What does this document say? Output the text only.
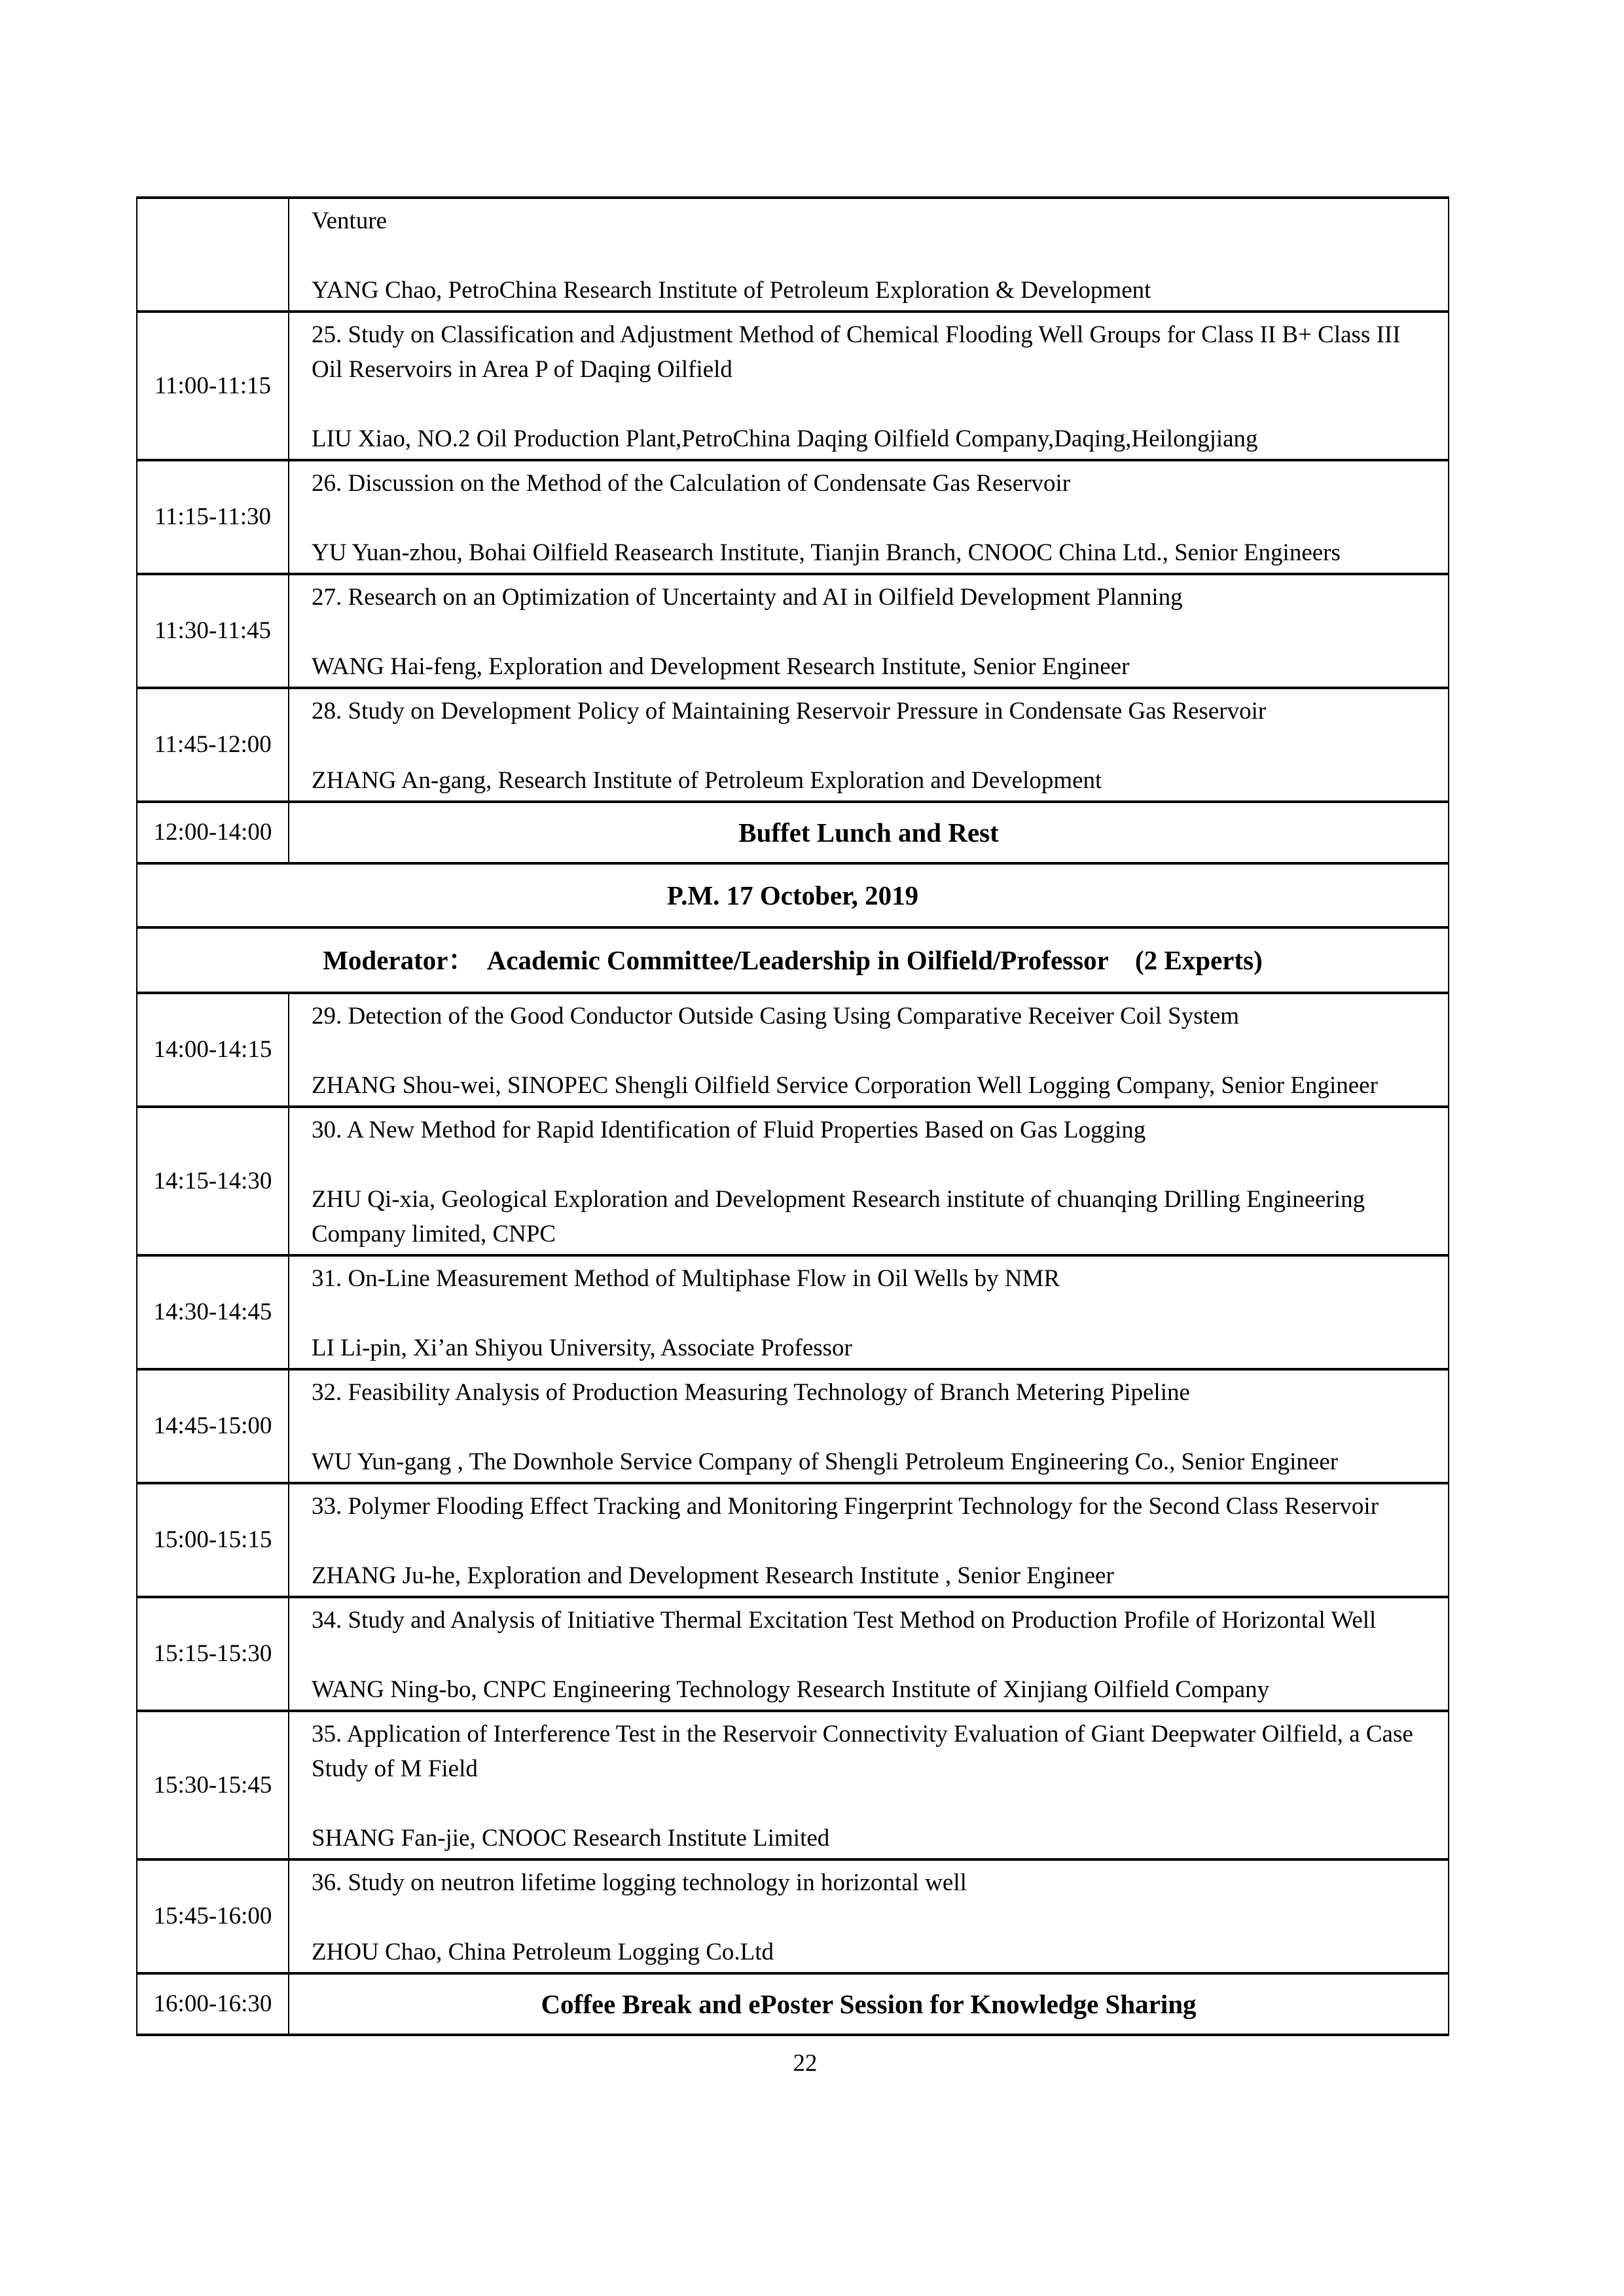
	Venture
YANG Chao, PetroChina Research Institute of Petroleum Exploration & Development

11:00-11:15	25. Study on Classification and Adjustment Method of Chemical Flooding Well Groups for Class II B+ Class III Oil Reservoirs in Area P of Daqing Oilfield
LIU Xiao, NO.2 Oil Production Plant,PetroChina Daqing Oilfield Company,Daqing,Heilongjiang

11:15-11:30	26. Discussion on the Method of the Calculation of Condensate Gas Reservoir
YU Yuan-zhou, Bohai Oilfield Reasearch Institute, Tianjin Branch, CNOOC China Ltd., Senior Engineers

11:30-11:45	27. Research on an Optimization of Uncertainty and AI in Oilfield Development Planning
WANG Hai-feng, Exploration and Development Research Institute, Senior Engineer

11:45-12:00	28. Study on Development Policy of Maintaining Reservoir Pressure in Condensate Gas Reservoir
ZHANG An-gang, Research Institute of Petroleum Exploration and Development

12:00-14:00	Buffet Lunch and Rest
P.M. 17 October, 2019	
Moderator：  Academic Committee/Leadership in Oilfield/Professor    (2 Experts)	
14:00-14:15	29. Detection of the Good Conductor Outside Casing Using Comparative Receiver Coil System
ZHANG Shou-wei, SINOPEC Shengli Oilfield Service Corporation Well Logging Company, Senior Engineer

14:15-14:30	30. A New Method for Rapid Identification of Fluid Properties Based on Gas Logging
ZHU Qi-xia, Geological Exploration and Development Research institute of chuanqing Drilling Engineering Company limited, CNPC

14:30-14:45	31. On-Line Measurement Method of Multiphase Flow in Oil Wells by NMR
LI Li-pin, Xi’an Shiyou University, Associate Professor

14:45-15:00	32. Feasibility Analysis of Production Measuring Technology of Branch Metering Pipeline
WU Yun-gang , The Downhole Service Company of Shengli Petroleum Engineering Co., Senior Engineer

15:00-15:15	33. Polymer Flooding Effect Tracking and Monitoring Fingerprint Technology for the Second Class Reservoir
ZHANG Ju-he, Exploration and Development Research Institute , Senior Engineer

15:15-15:30	34. Study and Analysis of Initiative Thermal Excitation Test Method on Production Profile of Horizontal Well
WANG Ning-bo, CNPC Engineering Technology Research Institute of Xinjiang Oilfield Company

15:30-15:45	35. Application of Interference Test in the Reservoir Connectivity Evaluation of Giant Deepwater Oilfield, a Case Study of M Field
SHANG Fan-jie, CNOOC Research Institute Limited

15:45-16:00	36. Study on neutron lifetime logging technology in horizontal well
ZHOU Chao, China Petroleum Logging Co.Ltd

16:00-16:30	Coffee Break and ePoster Session for Knowledge Sharing
22
